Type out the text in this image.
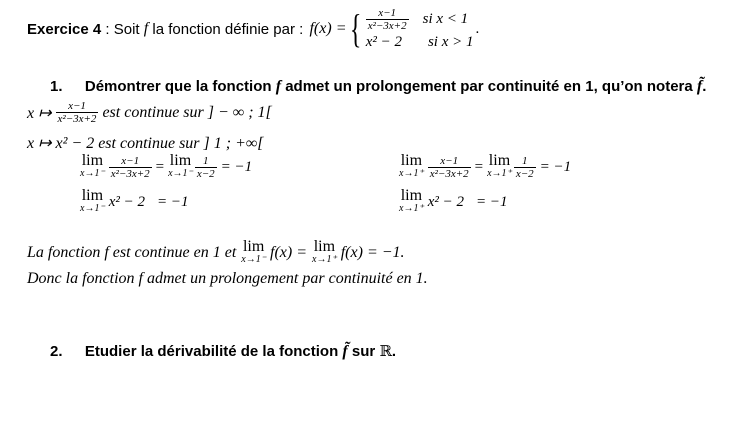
Exercice 4 : Soit f la fonction définie par : f(x) = { $\frac{x-1}{\text{x²−3x+2}}$ si x < 1
x² − 2 si x > 1
.
1. Démontrer que la fonction f admet un prolongement par continuité en 1, qu’on notera f̃.
x ↦ $\frac{x-1}{\text{x²−3x+2}}$ est continue sur ] − ∞ ; 1[
x ↦ x² − 2 est continue sur ] 1 ; +∞[
lim
$x\to 1^- \frac{x-1}{\text{x²−3x+2}} = \lim$
$x\to 1^- \frac{1}{x-2} = -1$
lim
x→1⁻ x² − 2 = −1
lim
$x\to 1^+ \frac{x-1}{\text{x²−3x+2}} = \lim$
$x\to 1^+ \frac{1}{x-2} = -1$
lim
x→1⁺ x² − 2 = −1
La fonction f est continue en 1 et lim
x→1⁻ f(x) = lim
x→1⁺ f(x) = −1.
Donc la fonction f admet un prolongement par continuité en 1.
2. Etudier la dérivabilité de la fonction f̃ sur ℝ.
